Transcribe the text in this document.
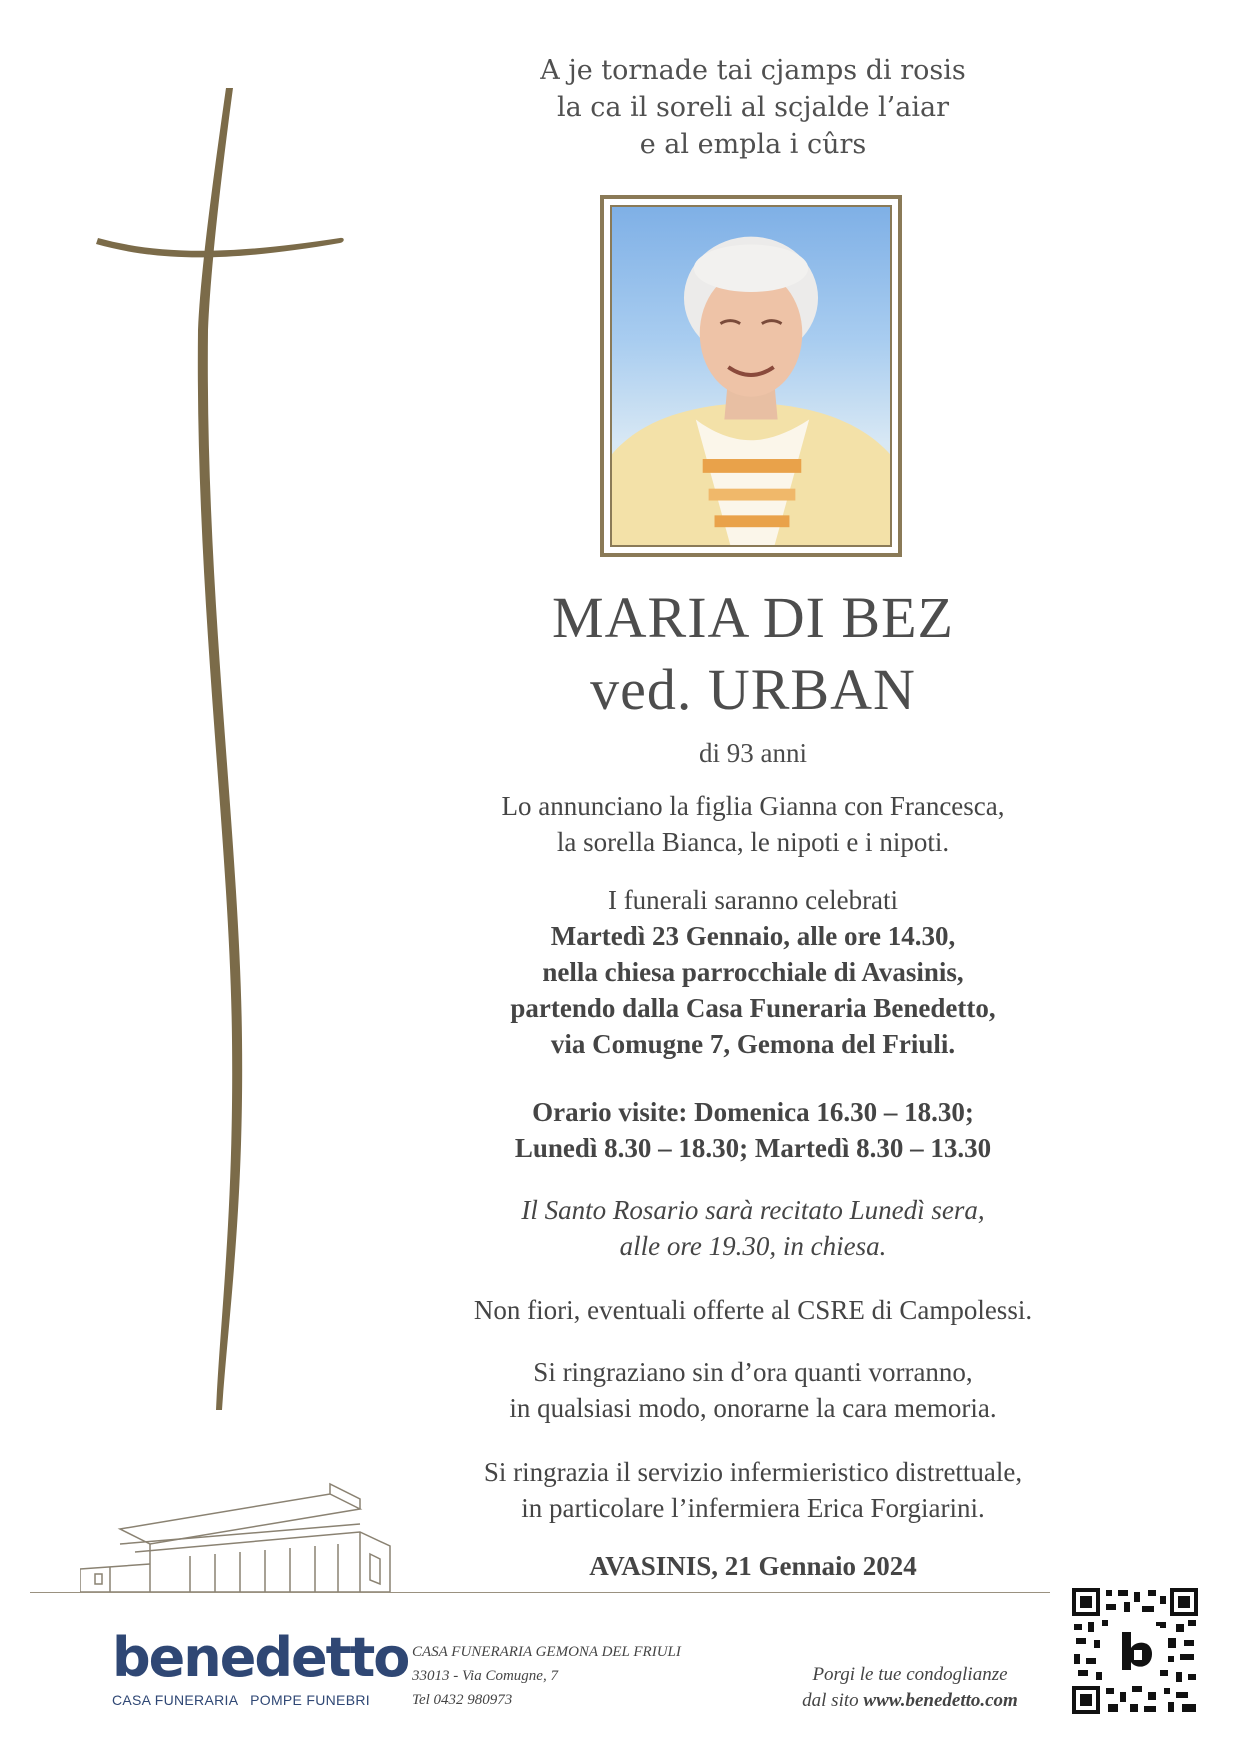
A je tornade tai cjamps di rosis
la ca il soreli al scjalde l’aiar
e al empla i cûrs
MARIA DI BEZ
ved. URBAN
di 93 anni
Lo annunciano la figlia Gianna con Francesca,
la sorella Bianca, le nipoti e i nipoti.
I funerali saranno celebrati
Martedì 23 Gennaio, alle ore 14.30,
nella chiesa parrocchiale di Avasinis,
partendo dalla Casa Funeraria Benedetto,
via Comugne 7, Gemona del Friuli.
Orario visite: Domenica 16.30 – 18.30;
Lunedì 8.30 – 18.30; Martedì 8.30 – 13.30
Il Santo Rosario sarà recitato Lunedì sera,
alle ore 19.30, in chiesa.
Non fiori, eventuali offerte al CSRE di Campolessi.
Si ringraziano sin d’ora quanti vorranno,
in qualsiasi modo, onorarne la cara memoria.
Si ringrazia il servizio infermieristico distrettuale,
in particolare l’infermiera Erica Forgiarini.
AVASINIS, 21 Gennaio 2024
benedetto
CASA FUNERARIA   POMPE FUNEBRI
CASA FUNERARIA GEMONA DEL FRIULI
33013 - Via Comugne, 7
Tel 0432 980973
Porgi le tue condoglianze
dal sito www.benedetto.com
